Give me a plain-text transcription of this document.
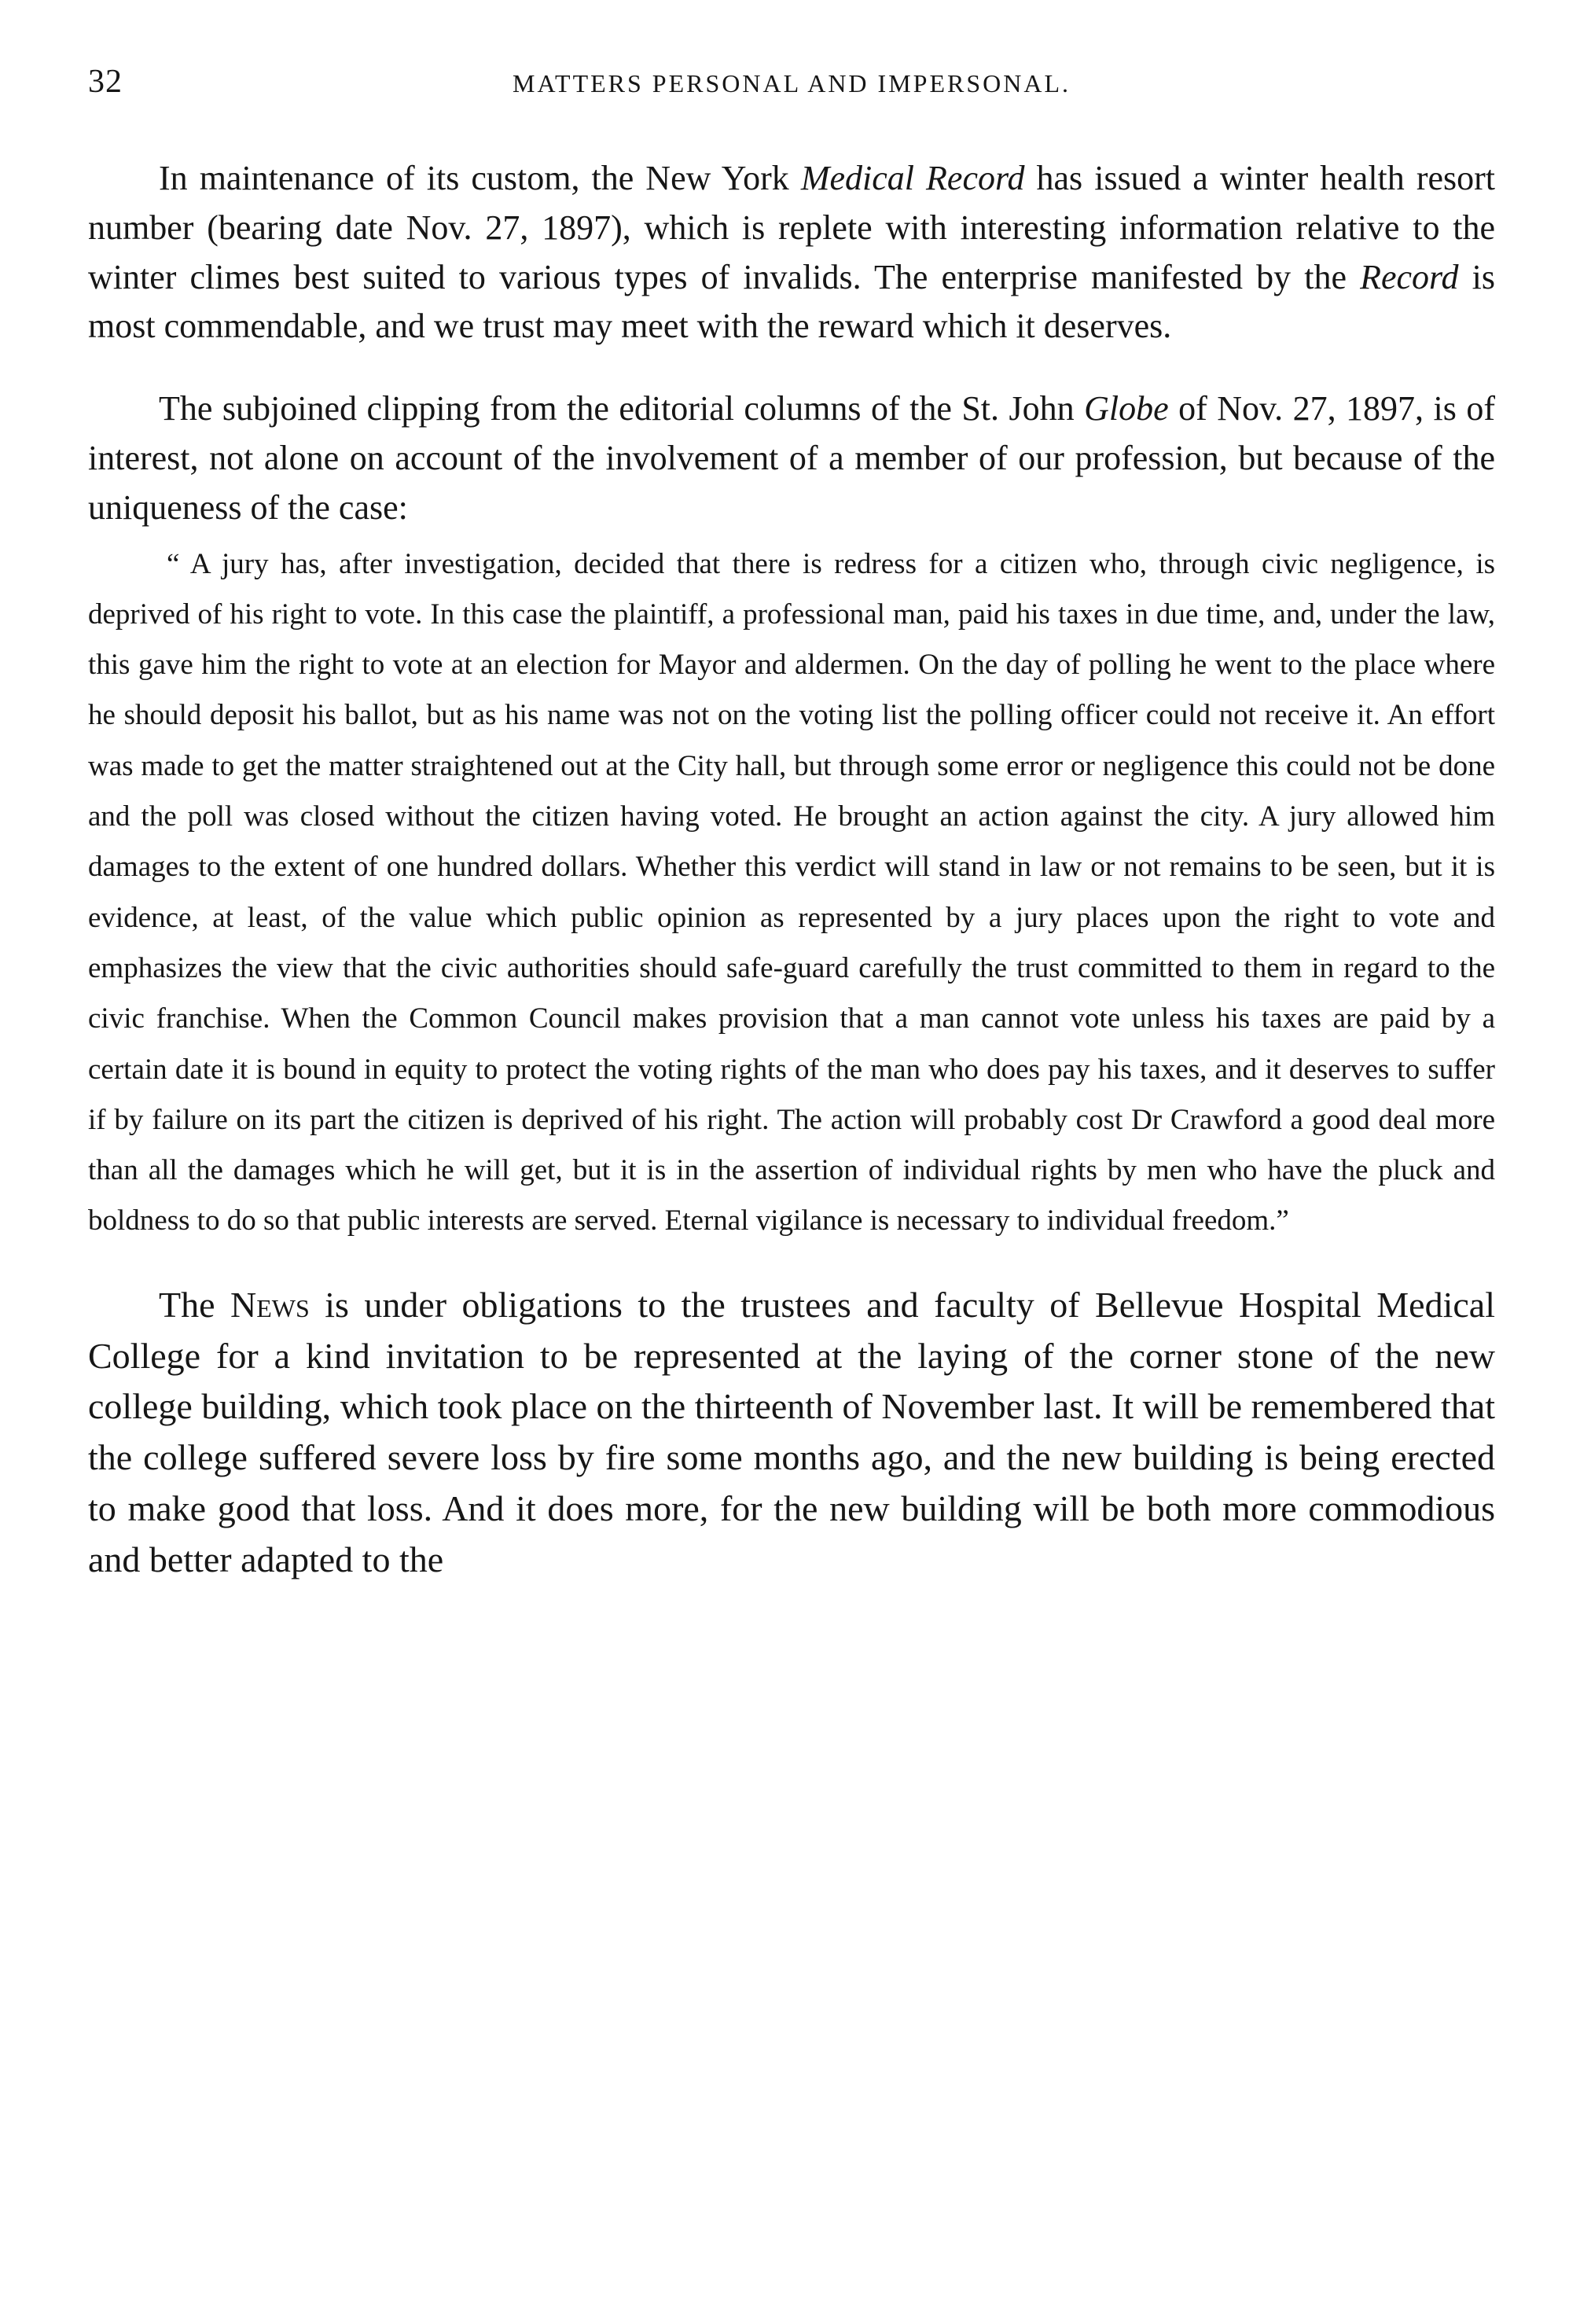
32	MATTERS PERSONAL AND IMPERSONAL.

In maintenance of its custom, the New York Medical Record has issued a winter health resort number (bearing date Nov. 27, 1897), which is replete with interesting information relative to the winter climes best suited to various types of invalids. The enterprise manifested by the Record is most commendable, and we trust may meet with the reward which it deserves.

The subjoined clipping from the editorial columns of the St. John Globe of Nov. 27, 1897, is of interest, not alone on account of the involvement of a member of our profession, but because of the uniqueness of the case:

“ A jury has, after investigation, decided that there is redress for a citizen who, through civic negligence, is deprived of his right to vote. In this case the plaintiff, a professional man, paid his taxes in due time, and, under the law, this gave him the right to vote at an election for Mayor and aldermen. On the day of polling he went to the place where he should deposit his ballot, but as his name was not on the voting list the polling officer could not receive it. An effort was made to get the matter straightened out at the City hall, but through some error or negligence this could not be done and the poll was closed without the citizen having voted. He brought an action against the city. A jury allowed him damages to the extent of one hundred dollars. Whether this verdict will stand in law or not remains to be seen, but it is evidence, at least, of the value which public opinion as represented by a jury places upon the right to vote and emphasizes the view that the civic authorities should safe-guard carefully the trust committed to them in regard to the civic franchise. When the Common Council makes provision that a man cannot vote unless his taxes are paid by a certain date it is bound in equity to protect the voting rights of the man who does pay his taxes, and it deserves to suffer if by failure on its part the citizen is deprived of his right. The action will probably cost Dr Crawford a good deal more than all the damages which he will get, but it is in the assertion of individual rights by men who have the pluck and boldness to do so that public interests are served. Eternal vigilance is necessary to individual freedom.”

The News is under obligations to the trustees and faculty of Bellevue Hospital Medical College for a kind invitation to be represented at the laying of the corner stone of the new college building, which took place on the thirteenth of November last. It will be remembered that the college suffered severe loss by fire some months ago, and the new building is being erected to make good that loss. And it does more, for the new building will be both more commodious and better adapted to the
